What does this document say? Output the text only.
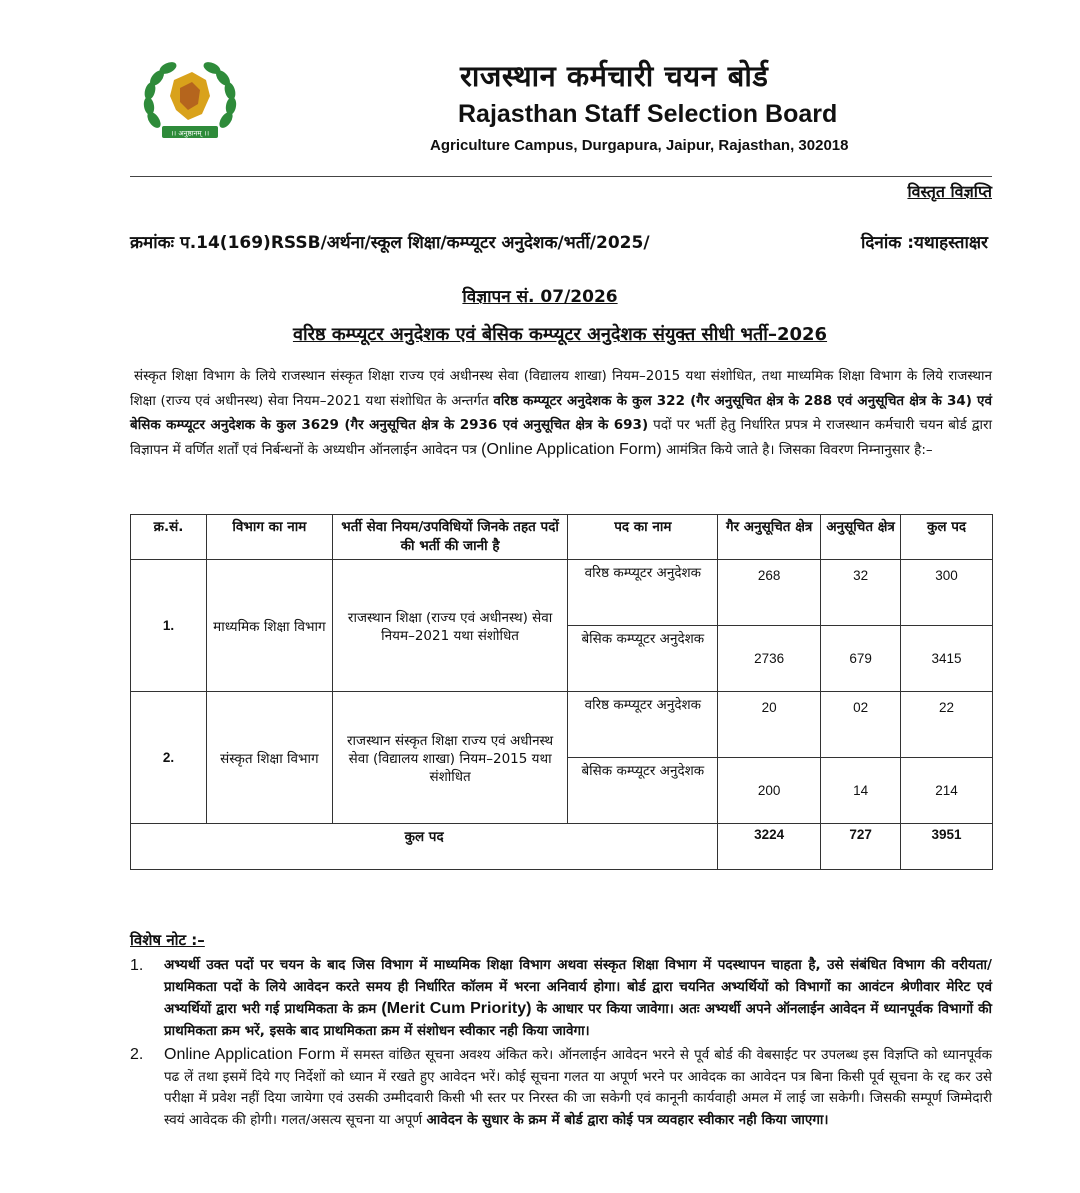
।। अनुष्ठानम् ।।
राजस्थान कर्मचारी चयन बोर्ड
Rajasthan Staff Selection Board
Agriculture Campus, Durgapura, Jaipur, Rajasthan, 302018
विस्तृत विज्ञप्ति
क्रमांकः प.14(169)RSSB/अर्थना/स्कूल शिक्षा/कम्प्यूटर अनुदेशक/भर्ती/2025/	दिनांक :यथाहस्ताक्षर
विज्ञापन सं. 07/2026
वरिष्ठ कम्प्यूटर अनुदेशक एवं बेसिक कम्प्यूटर अनुदेशक संयुक्त सीधी भर्ती–2026
संस्कृत शिक्षा विभाग के लिये राजस्थान संस्कृत शिक्षा राज्य एवं अधीनस्थ सेवा (विद्यालय शाखा) नियम–2015 यथा संशोधित, तथा माध्यमिक शिक्षा विभाग के लिये राजस्थान शिक्षा (राज्य एवं अधीनस्थ) सेवा नियम–2021 यथा संशोधित के अन्तर्गत वरिष्ठ कम्प्यूटर अनुदेशक के कुल 322 (गैर अनुसूचित क्षेत्र के 288 एवं अनुसूचित क्षेत्र के 34) एवं बेसिक कम्प्यूटर अनुदेशक के कुल 3629 (गैर अनुसूचित क्षेत्र के 2936 एवं अनुसूचित क्षेत्र के 693) पदों पर भर्ती हेतु निर्धारित प्रपत्र मे राजस्थान कर्मचारी चयन बोर्ड द्वारा विज्ञापन में वर्णित शर्तों एवं निर्बन्धनों के अध्यधीन ऑनलाईन आवेदन पत्र (Online Application Form) आमंत्रित किये जाते है। जिसका विवरण निम्नानुसार है:–
क्र.सं.	विभाग का नाम	भर्ती सेवा नियम/उपविधियों जिनके तहत पदों की भर्ती की जानी है	पद का नाम	गैर अनुसूचित क्षेत्र	अनुसूचित क्षेत्र	कुल पद
1.	माध्यमिक शिक्षा विभाग	राजस्थान शिक्षा (राज्य एवं अधीनस्थ) सेवा नियम–2021 यथा संशोधित	वरिष्ठ कम्प्यूटर अनुदेशक	268	32	300
			बेसिक कम्प्यूटर अनुदेशक	2736	679	3415
2.	संस्कृत शिक्षा विभाग	राजस्थान संस्कृत शिक्षा राज्य एवं अधीनस्थ सेवा (विद्यालय शाखा) नियम–2015 यथा संशोधित	वरिष्ठ कम्प्यूटर अनुदेशक	20	02	22
			बेसिक कम्प्यूटर अनुदेशक	200	14	214
कुल पद				3224	727	3951
विशेष नोट :–
1.	अभ्यर्थी उक्त पदों पर चयन के बाद जिस विभाग में माध्यमिक शिक्षा विभाग अथवा संस्कृत शिक्षा विभाग में पदस्थापन चाहता है, उसे संबंधित विभाग की वरीयता/प्राथमिकता पदों के लिये आवेदन करते समय ही निर्धारित कॉलम में भरना अनिवार्य होगा। बोर्ड द्वारा चयनित अभ्यर्थियों को विभागों का आवंटन श्रेणीवार मेरिट एवं अभ्यर्थियों द्वारा भरी गई प्राथमिकता के क्रम (Merit Cum Priority) के आधार पर किया जावेगा। अतः अभ्यर्थी अपने ऑनलाईन आवेदन में ध्यानपूर्वक विभागों की प्राथमिकता क्रम भरें, इसके बाद प्राथमिकता क्रम में संशोधन स्वीकार नही किया जावेगा।
2.	Online Application Form में समस्त वांछित सूचना अवश्य अंकित करे। ऑनलाईन आवेदन भरने से पूर्व बोर्ड की वेबसाईट पर उपलब्ध इस विज्ञप्ति को ध्यानपूर्वक पढ लें तथा इसमें दिये गए निर्देशों को ध्यान में रखते हुए आवेदन भरें। कोई सूचना गलत या अपूर्ण भरने पर आवेदक का आवेदन पत्र बिना किसी पूर्व सूचना के रद्द कर उसे परीक्षा में प्रवेश नहीं दिया जायेगा एवं उसकी उम्मीदवारी किसी भी स्तर पर निरस्त की जा सकेगी एवं कानूनी कार्यवाही अमल में लाई जा सकेगी। जिसकी सम्पूर्ण जिम्मेदारी स्वयं आवेदक की होगी। गलत/असत्य सूचना या अपूर्ण आवेदन के सुधार के क्रम में बोर्ड द्वारा कोई पत्र व्यवहार स्वीकार नही किया जाएगा।
